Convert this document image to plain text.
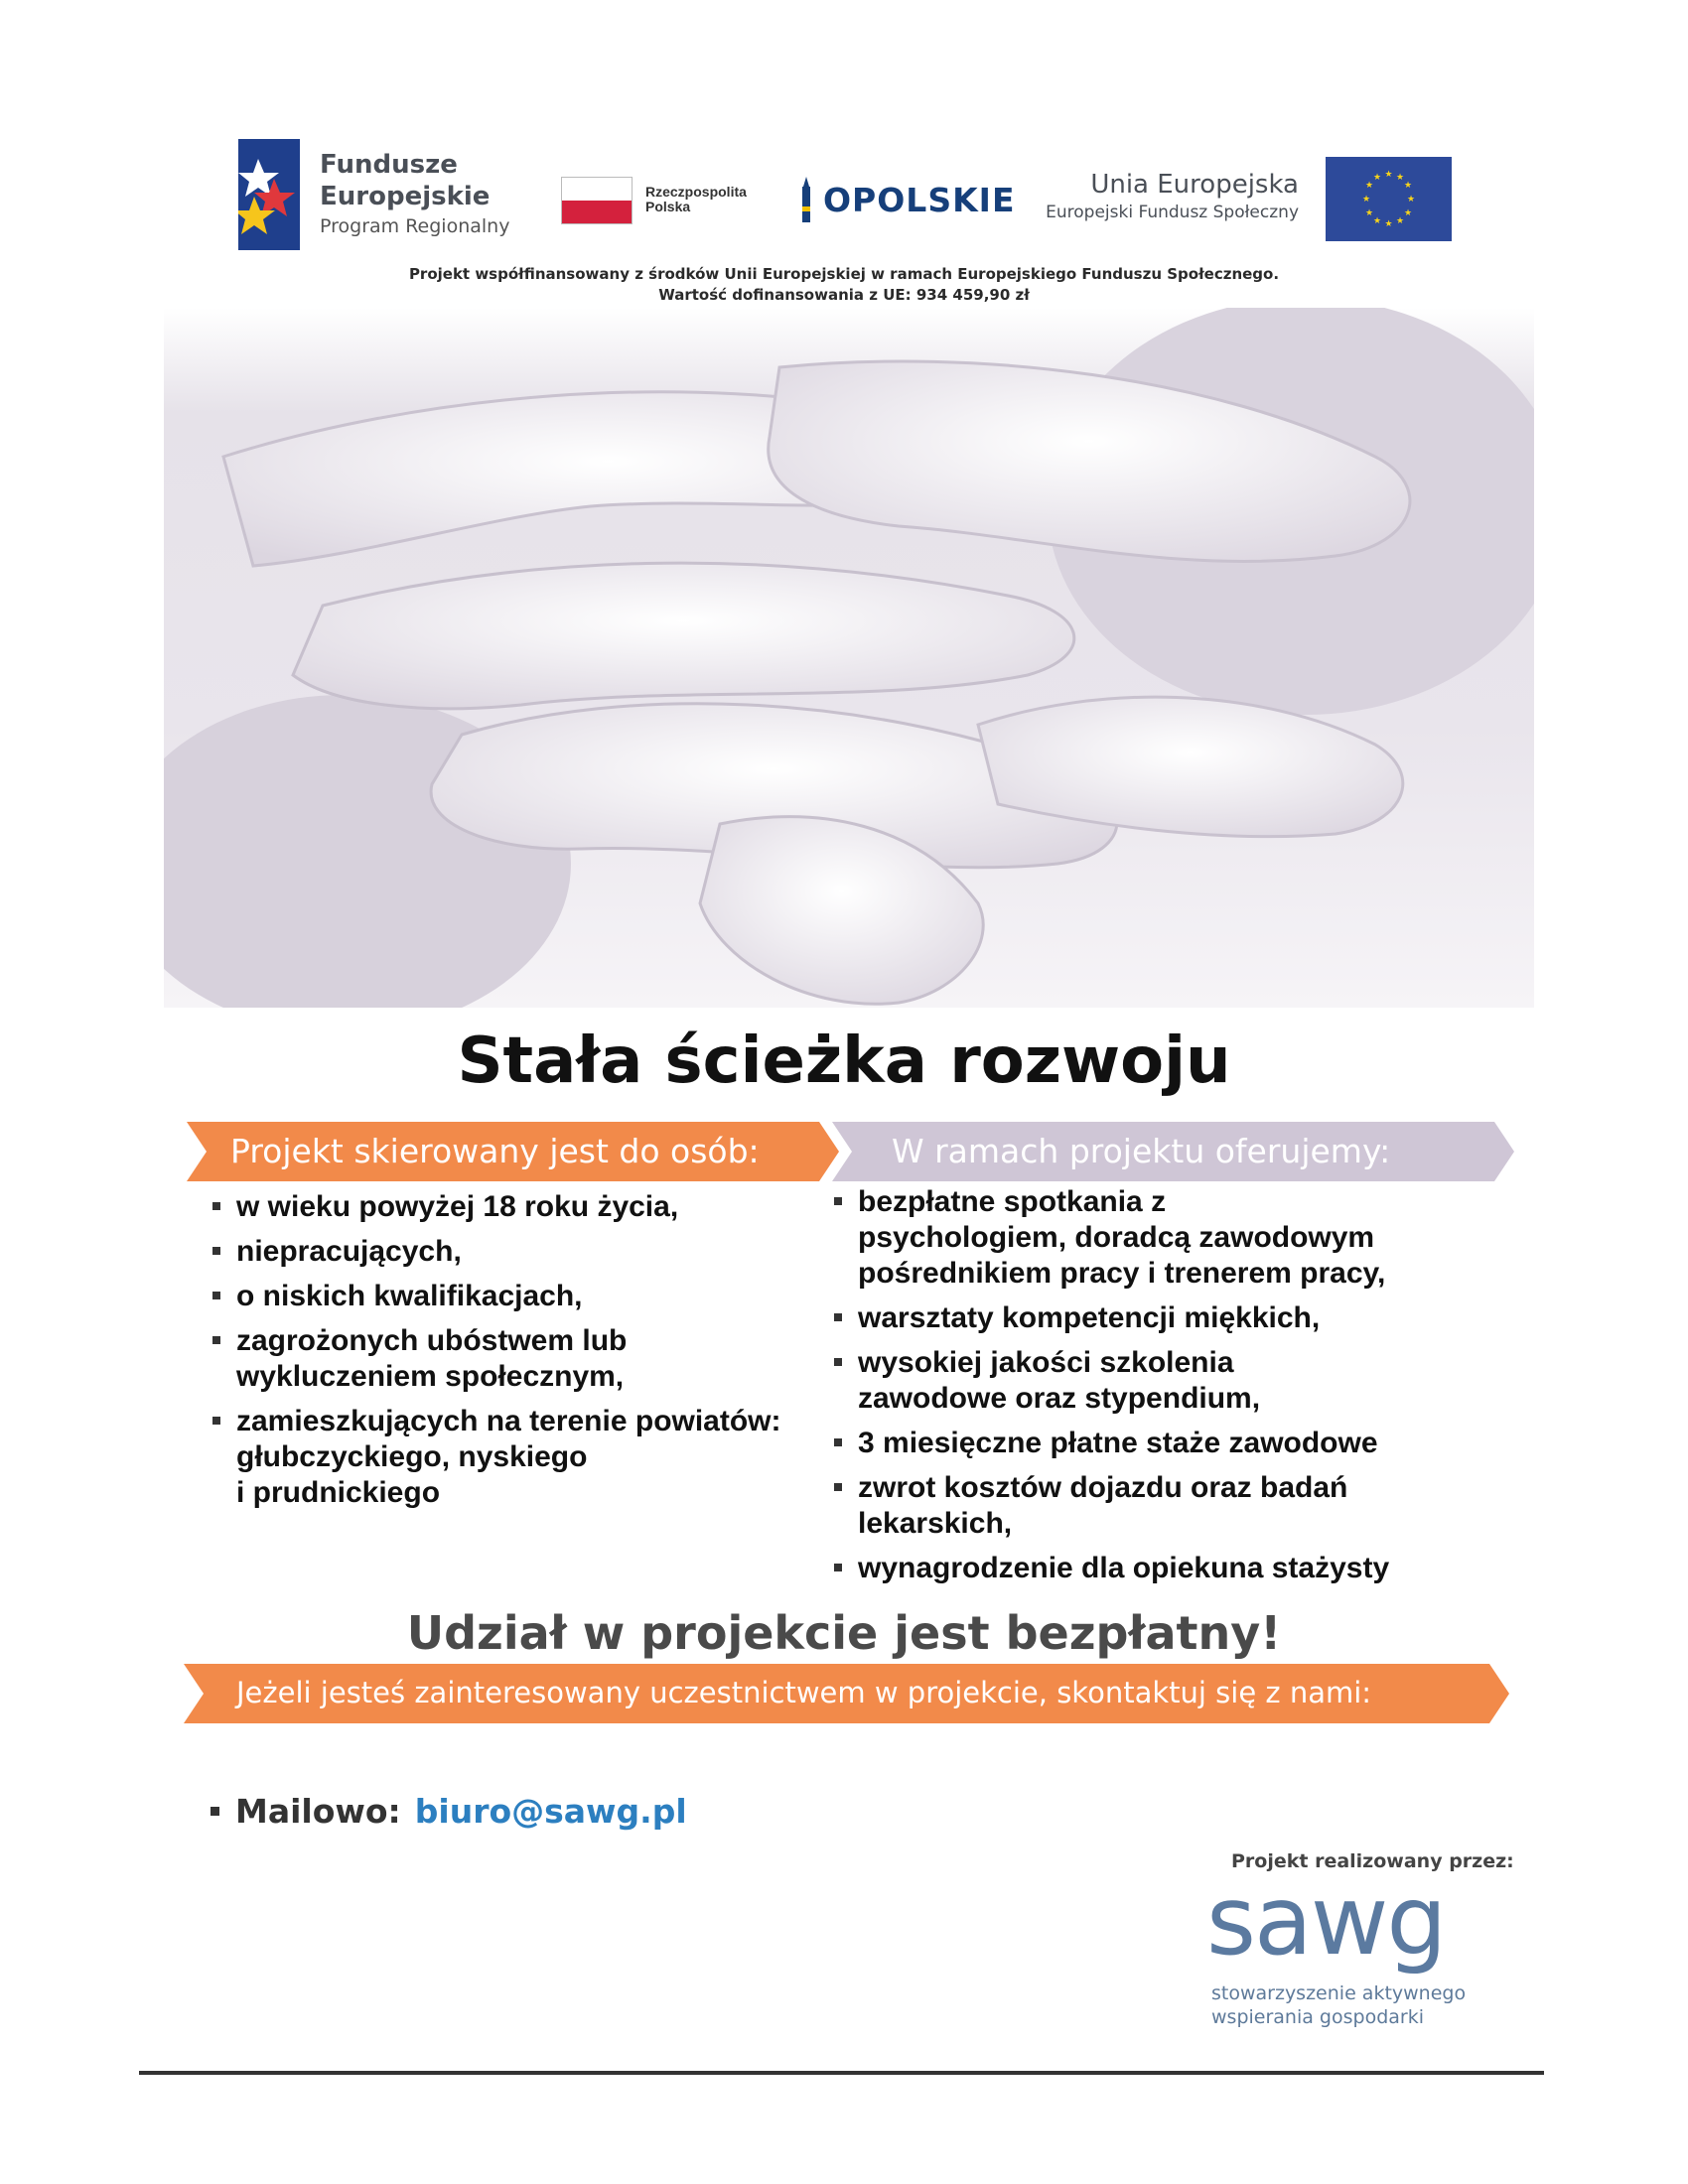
Fundusze
Europejskie
Program Regionalny
Rzeczpospolita
Polska	OPOLSKIE	Unia Europejska
Europejski Fundusz Społeczny
★ ★
★
★
★
★
★
★
★
★
★
★
Projekt współfinansowany z środków Unii Europejskiej w ramach Europejskiego Funduszu Społecznego.
Wartość dofinansowania z UE: 934 459,90 zł
Stała ścieżka rozwoju
Projekt skierowany jest do osób:	W ramach projektu oferujemy:
Jeżeli jesteś zainteresowany uczestnictwem w projekcie, skontaktuj się z nami:
w wieku powyżej 18 roku życia,
niepracujących,
o niskich kwalifikacjach,
zagrożonych ubóstwem lub
wykluczeniem społecznym,
zamieszkujących na terenie powiatów:
głubczyckiego, nyskiego
i prudnickiego
bezpłatne spotkania z
psychologiem, doradcą zawodowym
pośrednikiem pracy i trenerem pracy,
warsztaty kompetencji miękkich,
wysokiej jakości szkolenia
zawodowe oraz stypendium,
3 miesięczne płatne staże zawodowe
zwrot kosztów dojazdu oraz badań
lekarskich,
wynagrodzenie dla opiekuna stażysty
Udział w projekcie jest bezpłatny!
Mailowo: biuro@sawg.pl
Projekt realizowany przez:
sawg
stowarzyszenie aktywnego
wspierania gospodarki
